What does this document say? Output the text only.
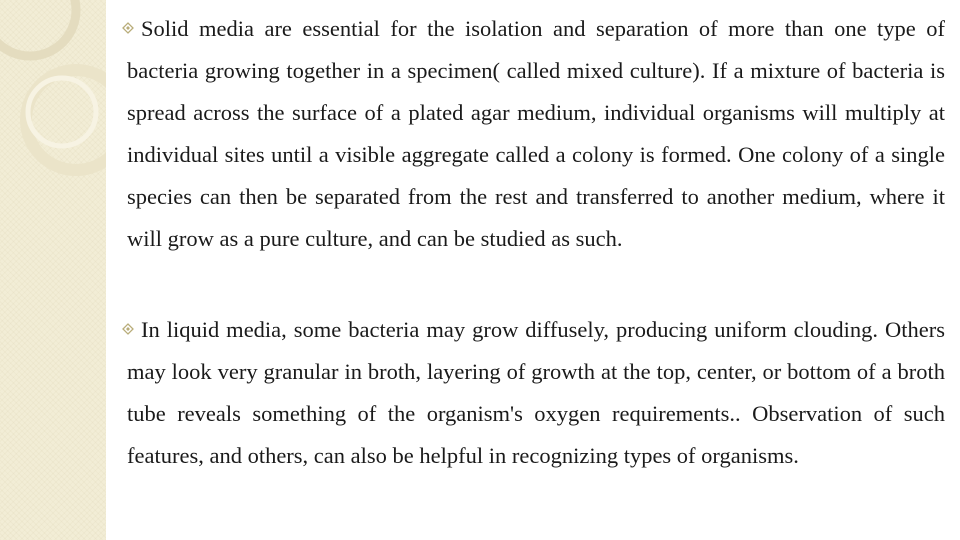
Solid media are essential for the isolation and separation of more than one type of bacteria growing together in a specimen( called mixed culture). If a mixture of bacteria is spread across the surface of a plated agar medium, individual organisms will multiply at individual sites until a visible aggregate called a colony is formed. One colony of a single species can then be separated from the rest and transferred to another medium, where it will grow as a pure culture, and can be studied as such.
In liquid media, some bacteria may grow diffusely, producing uniform clouding. Others may look very granular in broth, layering of growth at the top, center, or bottom of a broth tube reveals something of the organism's oxygen requirements.. Observation of such features, and others, can also be helpful in recognizing types of organisms.
